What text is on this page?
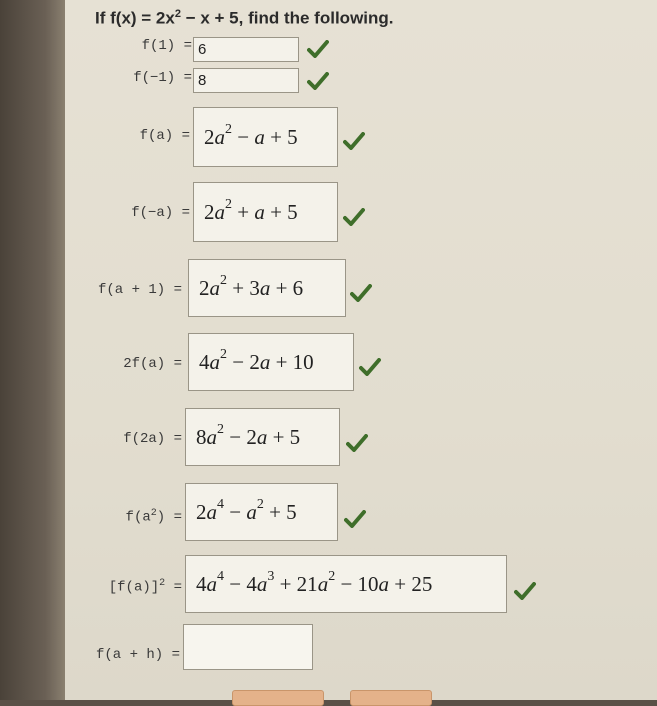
If $f(x) = 2x^2 - x + 5$, find the following.
f(1) = 6
f(−1) = 8
$f(a) = 2a^2 - a + 5$
$f(-a) = 2a^2 + a + 5$
$f(a + 1) = 2a^2 + 3a + 6$
$2f(a) = 4a^2 - 2a + 10$
$f(2a) = 8a^2 - 2a + 5$
$f(a^2) = 2a^4 - a^2 + 5$
$[f(a)]^2 = 4a^4 - 4a^3 + 21a^2 - 10a + 25$
f(a + h) =
